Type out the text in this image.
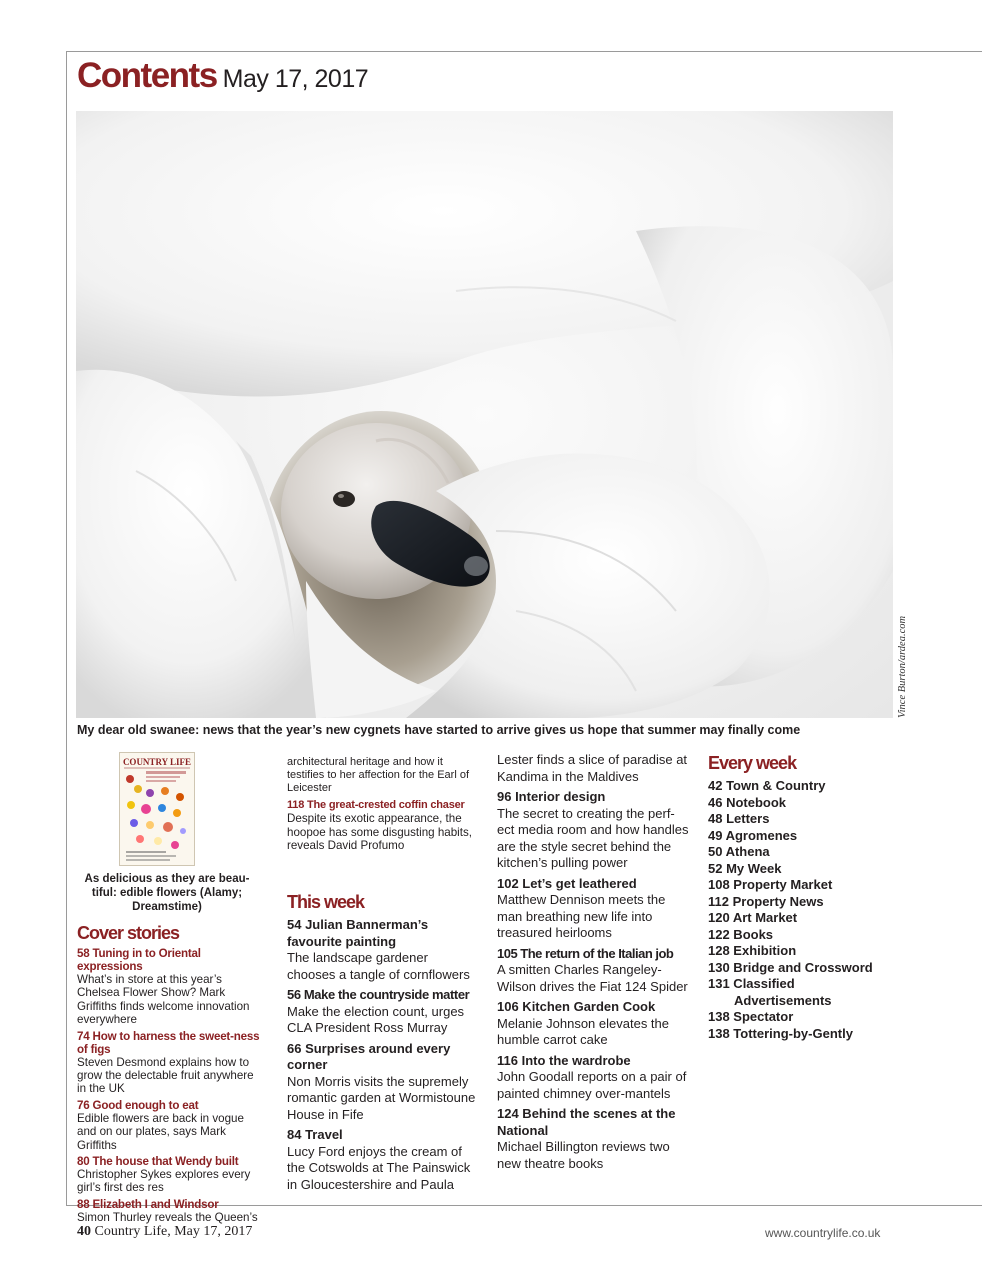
Contents May 17, 2017
Vince Burton/ardea.com
My dear old swanee: news that the year’s new cygnets have started to arrive gives us hope that summer may finally come
COUNTRY LIFE
As delicious as they are beau-tiful: edible flowers (Alamy; Dreamstime)
Cover stories
58 Tuning in to Oriental expressions
What’s in store at this year’s Chelsea Flower Show? Mark Griffiths finds welcome innovation everywhere
74 How to harness the sweet-ness of figs
Steven Desmond explains how to grow the delectable fruit anywhere in the UK
76 Good enough to eat
Edible flowers are back in vogue and on our plates, says Mark Griffiths
80 The house that Wendy built
Christopher Sykes explores every girl’s first des res
88 Elizabeth I and Windsor
Simon Thurley reveals the Queen’s
architectural heritage and how it testifies to her affection for the Earl of Leicester
118 The great-crested coffin chaser
Despite its exotic appearance, the hoopoe has some disgusting habits, reveals David Profumo
This week
54 Julian Bannerman’s favourite painting
The landscape gardener chooses a tangle of cornflowers
56 Make the countryside matter
Make the election count, urges CLA President Ross Murray
66 Surprises around every corner
Non Morris visits the supremely romantic garden at Wormistoune House in Fife
84 Travel
Lucy Ford enjoys the cream of the Cotswolds at The Painswick in Gloucestershire and Paula
Lester finds a slice of paradise at Kandima in the Maldives
96 Interior design
The secret to creating the perf-ect media room and how handles are the style secret behind the kitchen’s pulling power
102 Let’s get leathered
Matthew Dennison meets the man breathing new life into treasured heirlooms
105 The return of the Italian job
A smitten Charles Rangeley-Wilson drives the Fiat 124 Spider
106 Kitchen Garden Cook
Melanie Johnson elevates the humble carrot cake
116 Into the wardrobe
John Goodall reports on a pair of painted chimney over-mantels
124 Behind the scenes at the National
Michael Billington reviews two new theatre books
Every week
42 Town & Country
46 Notebook
48 Letters
49 Agromenes
50 Athena
52 My Week
108 Property Market
112 Property News
120 Art Market
122 Books
128 Exhibition
130 Bridge and Crossword
131 Classified Advertisements
138 Spectator
138 Tottering-by-Gently
40 Country Life, May 17, 2017	www.countrylife.co.uk
